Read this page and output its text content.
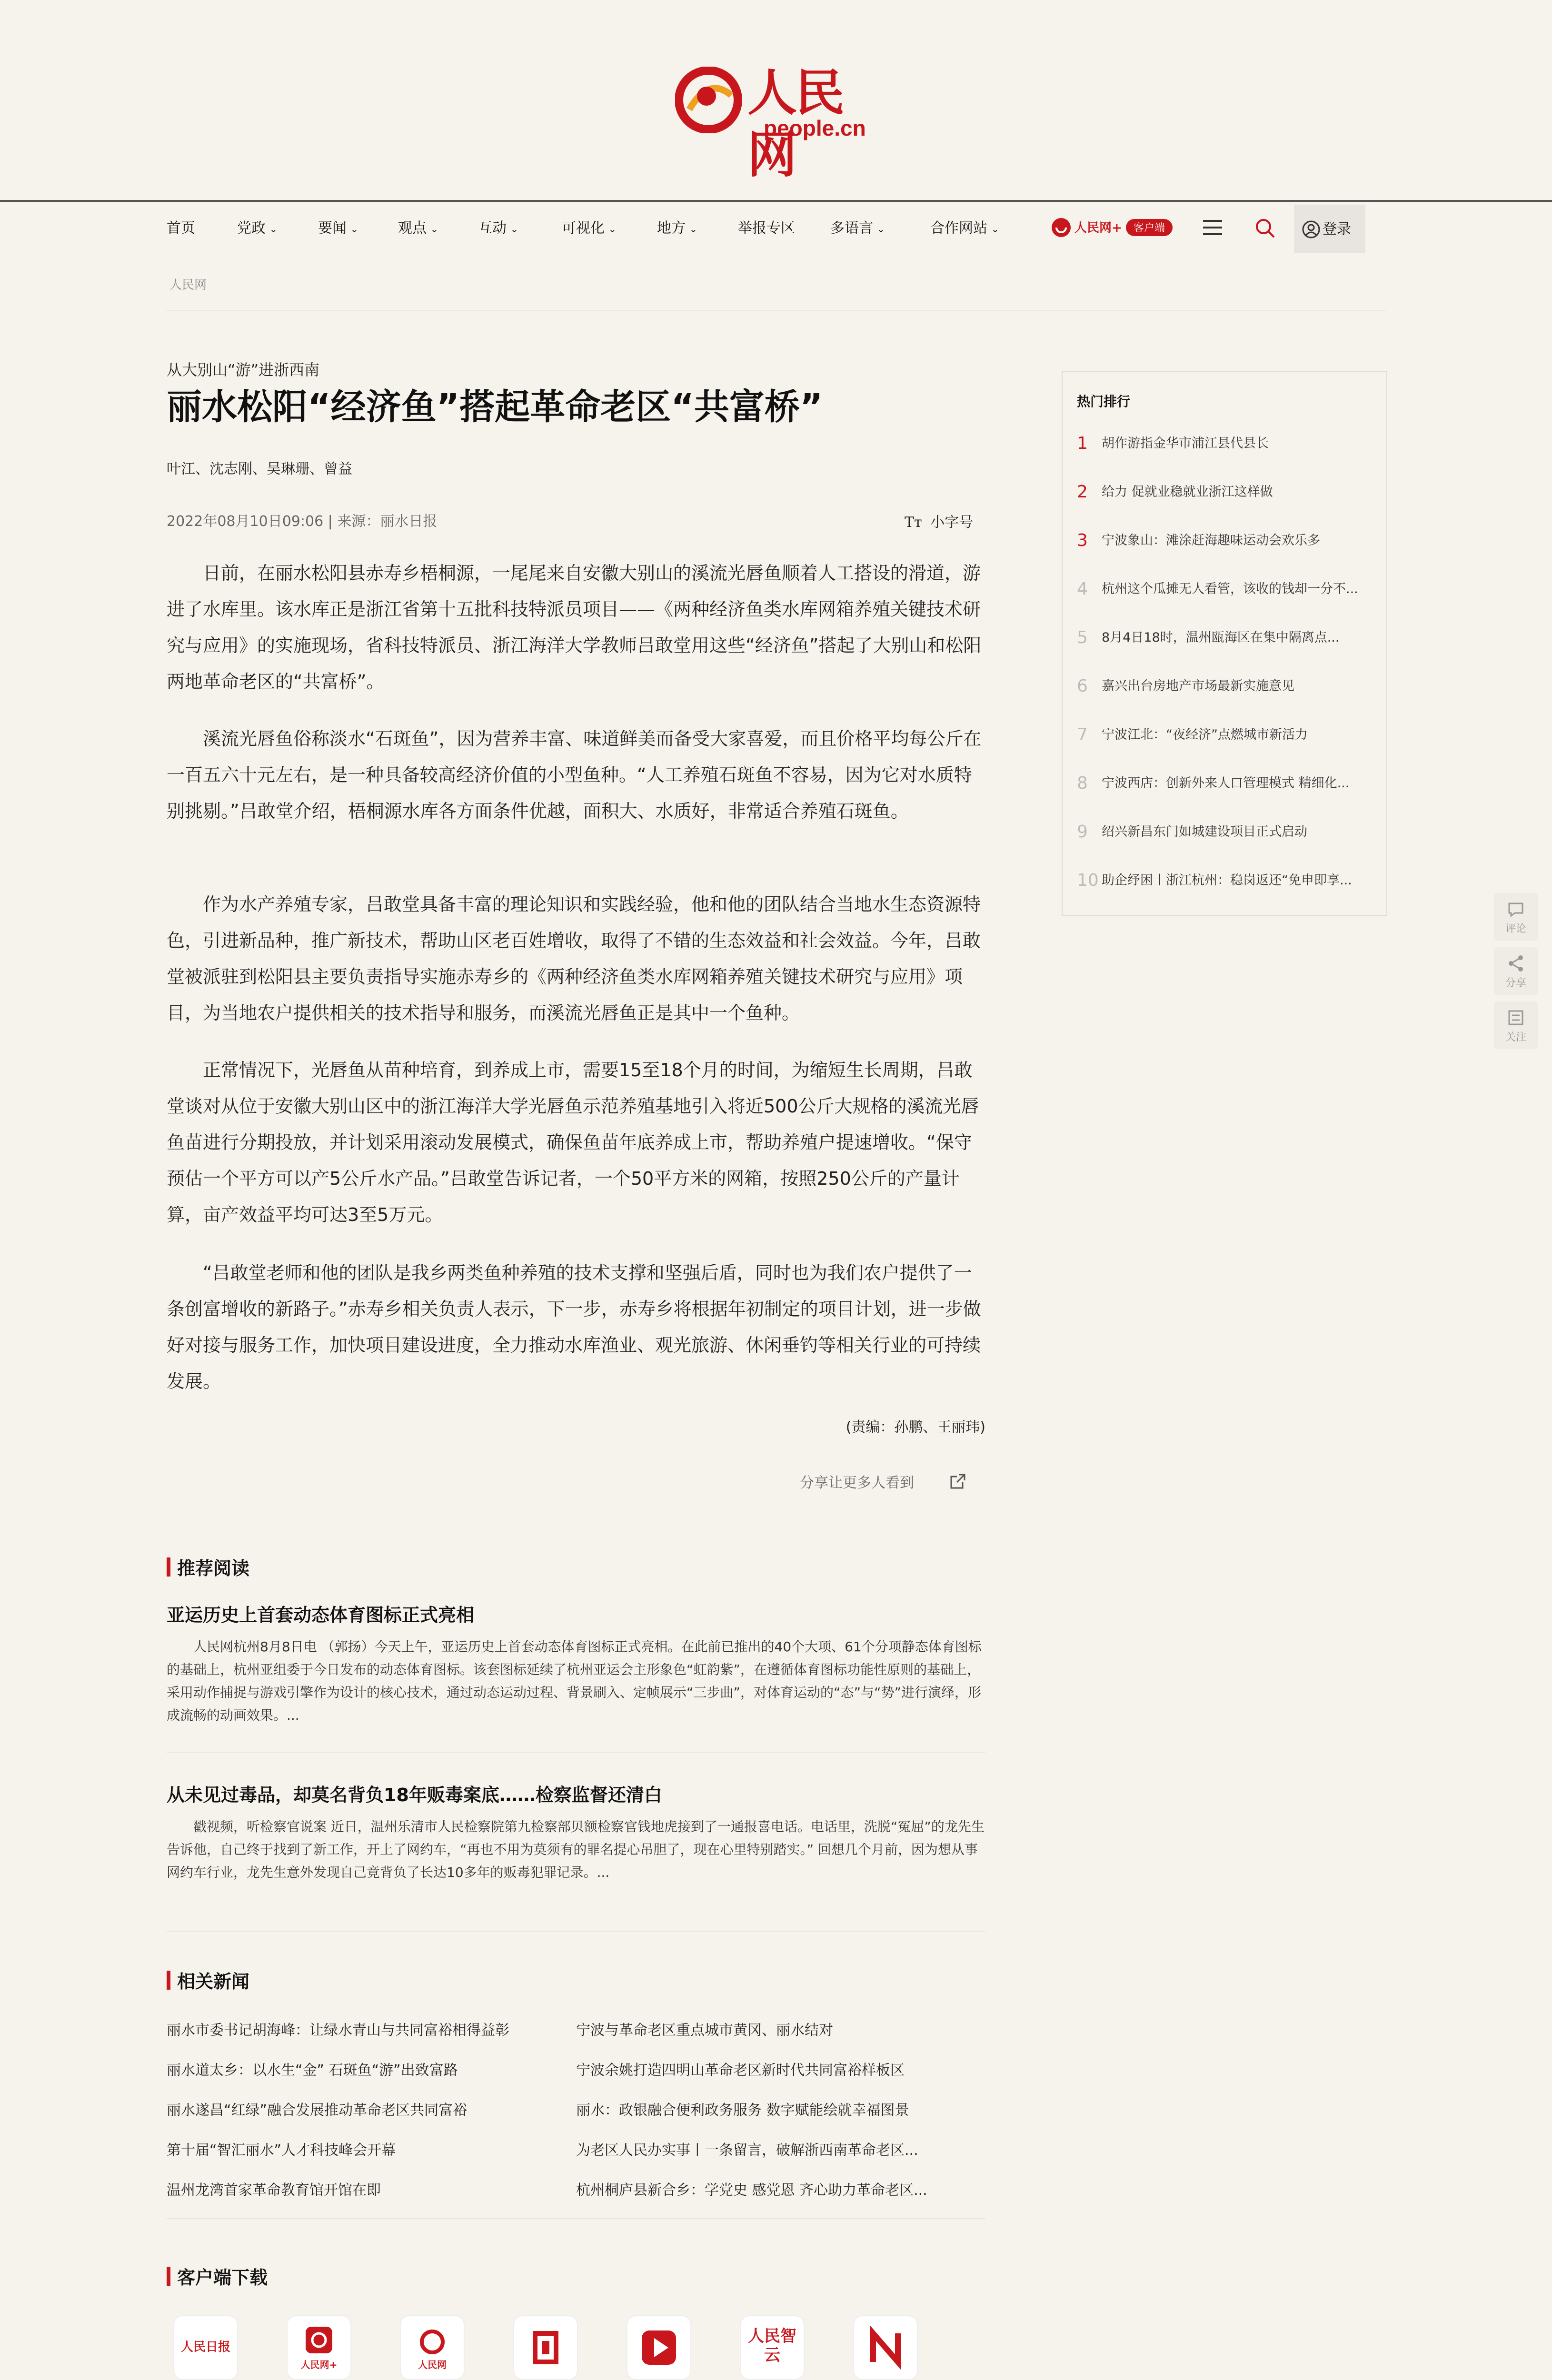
人民网
people.cn
首页	党政 ⌄	要闻 ⌄	观点 ⌄	互动 ⌄	可视化 ⌄	地方 ⌄	举报专区 多语言 ⌄	合作网站 ⌄	人民网+ 客户端	登录
人民网
从大别山“游”进浙西南
丽水松阳“经济鱼”搭起革命老区“共富桥”
叶江、沈志刚、吴琳珊、曾益
2022年08月10日09:06 | 来源：丽水日报	Tт 小字号

日前，在丽水松阳县赤寿乡梧桐源，一尾尾来自安徽大别山的溪流光唇鱼顺着人工搭设的滑道，游进了水库里。该水库正是浙江省第十五批科技特派员项目——《两种经济鱼类水库网箱养殖关键技术研究与应用》的实施现场，省科技特派员、浙江海洋大学教师吕敢堂用这些“经济鱼”搭起了大别山和松阳两地革命老区的“共富桥”。

溪流光唇鱼俗称淡水“石斑鱼”，因为营养丰富、味道鲜美而备受大家喜爱，而且价格平均每公斤在一百五六十元左右，是一种具备较高经济价值的小型鱼种。“人工养殖石斑鱼不容易，因为它对水质特别挑剔。”吕敢堂介绍，梧桐源水库各方面条件优越，面积大、水质好，非常适合养殖石斑鱼。

作为水产养殖专家，吕敢堂具备丰富的理论知识和实践经验，他和他的团队结合当地水生态资源特色，引进新品种，推广新技术，帮助山区老百姓增收，取得了不错的生态效益和社会效益。今年，吕敢堂被派驻到松阳县主要负责指导实施赤寿乡的《两种经济鱼类水库网箱养殖关键技术研究与应用》项目，为当地农户提供相关的技术指导和服务，而溪流光唇鱼正是其中一个鱼种。

正常情况下，光唇鱼从苗种培育，到养成上市，需要15至18个月的时间，为缩短生长周期，吕敢堂谈对从位于安徽大别山区中的浙江海洋大学光唇鱼示范养殖基地引入将近500公斤大规格的溪流光唇鱼苗进行分期投放，并计划采用滚动发展模式，确保鱼苗年底养成上市，帮助养殖户提速增收。“保守预估一个平方可以产5公斤水产品。”吕敢堂告诉记者，一个50平方米的网箱，按照250公斤的产量计算，亩产效益平均可达3至5万元。

“吕敢堂老师和他的团队是我乡两类鱼种养殖的技术支撑和坚强后盾，同时也为我们农户提供了一条创富增收的新路子。”赤寿乡相关负责人表示，下一步，赤寿乡将根据年初制定的项目计划，进一步做好对接与服务工作，加快项目建设进度，全力推动水库渔业、观光旅游、休闲垂钓等相关行业的可持续发展。

(责编：孙鹏、王丽玮)
分享让更多人看到
推荐阅读
亚运历史上首套动态体育图标正式亮相

人民网杭州8月8日电 （郭扬）今天上午，亚运历史上首套动态体育图标正式亮相。在此前已推出的40个大项、61个分项静态体育图标的基础上，杭州亚组委于今日发布的动态体育图标。该套图标延续了杭州亚运会主形象色“虹韵紫”，在遵循体育图标功能性原则的基础上，采用动作捕捉与游戏引擎作为设计的核心技术，通过动态运动过程、背景刷入、定帧展示“三步曲”，对体育运动的“态”与“势”进行演绎，形成流畅的动画效果。...

从未见过毒品，却莫名背负18年贩毒案底……检察监督还清白

戳视频，听检察官说案 近日，温州乐清市人民检察院第九检察部贝额检察官钱地虎接到了一通报喜电话。电话里，洗脱“冤屈”的龙先生告诉他，自己终于找到了新工作，开上了网约车，“再也不用为莫须有的罪名提心吊胆了，现在心里特别踏实。” 回想几个月前，因为想从事网约车行业，龙先生意外发现自己竟背负了长达10多年的贩毒犯罪记录。...

相关新闻
丽水市委书记胡海峰：让绿水青山与共同富裕相得益彰	宁波与革命老区重点城市黄冈、丽水结对
丽水道太乡：以水生“金” 石斑鱼“游”出致富路	宁波余姚打造四明山革命老区新时代共同富裕样板区
丽水遂昌“红绿”融合发展推动革命老区共同富裕	丽水：政银融合便利政务服务 数字赋能绘就幸福图景
第十届“智汇丽水”人才科技峰会开幕	为老区人民办实事丨一条留言，破解浙西南革命老区...
温州龙湾首家革命教育馆开馆在即	杭州桐庐县新合乡：学党史 感党恩 齐心助力革命老区...
客户端下载
人民日报
人民网+	人民网
人民智云
热门排行
1	胡作游指金华市浦江县代县长
2	给力 促就业稳就业浙江这样做
3	宁波象山：滩涂赶海趣味运动会欢乐多
4	杭州这个瓜摊无人看管，该收的钱却一分不...
5	8月4日18时，温州瓯海区在集中隔离点...
6	嘉兴出台房地产市场最新实施意见
7	宁波江北：“夜经济”点燃城市新活力
8	宁波西店：创新外来人口管理模式 精细化...
9	绍兴新昌东门如城建设项目正式启动
10 助企纾困丨浙江杭州：稳岗返还“免申即享...
评论
分享
关注
